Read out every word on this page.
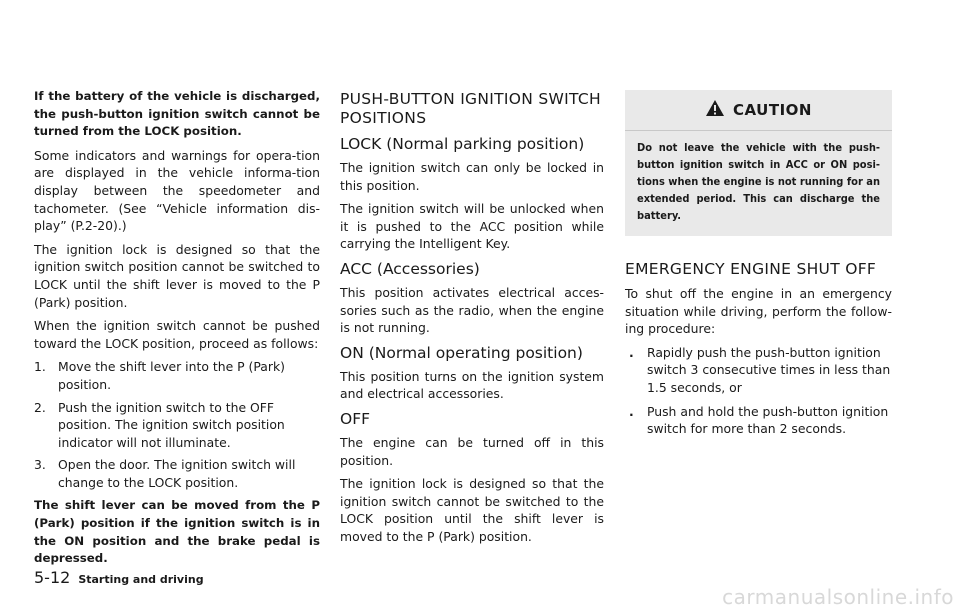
If the battery of the vehicle is discharged, the push-button ignition switch cannot be turned from the LOCK position.

Some indicators and warnings for opera-tion are displayed in the vehicle informa-tion display between the speedometer and tachometer. (See “Vehicle information dis-play” (P.2-20).)

The ignition lock is designed so that the ignition switch position cannot be switched to LOCK until the shift lever is moved to the P (Park) position.

When the ignition switch cannot be pushed toward the LOCK position, proceed as follows:

1. Move the shift lever into the P (Park) position.
2. Push the ignition switch to the OFF position. The ignition switch position indicator will not illuminate.
3. Open the door. The ignition switch will change to the LOCK position.

The shift lever can be moved from the P (Park) position if the ignition switch is in the ON position and the brake pedal is depressed.

PUSH-BUTTON IGNITION SWITCH POSITIONS
LOCK (Normal parking position)

The ignition switch can only be locked in this position.

The ignition switch will be unlocked when it is pushed to the ACC position while carrying the Intelligent Key.

ACC (Accessories)

This position activates electrical acces-sories such as the radio, when the engine is not running.

ON (Normal operating position)

This position turns on the ignition system and electrical accessories.

OFF

The engine can be turned off in this position.

The ignition lock is designed so that the ignition switch cannot be switched to the LOCK position until the shift lever is moved to the P (Park) position.

CAUTION

Do not leave the vehicle with the push-button ignition switch in ACC or ON posi-tions when the engine is not running for an extended period. This can discharge the battery.

EMERGENCY ENGINE SHUT OFF

To shut off the engine in an emergency situation while driving, perform the follow-ing procedure:

. Rapidly push the push-button ignition switch 3 consecutive times in less than 1.5 seconds, or
. Push and hold the push-button ignition switch for more than 2 seconds.
5-12 Starting and driving
carmanualsonline.info
